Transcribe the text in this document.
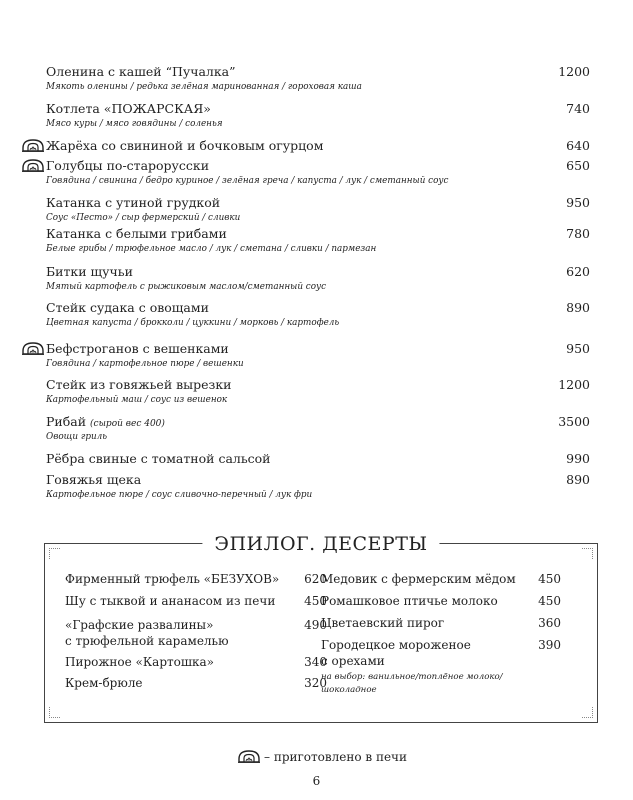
Оленина с кашей “Пучалка”
Мякоть оленины / редька зелёная маринованная / гороховая каша
1200
Котлета «ПОЖАРСКАЯ»
Мясо куры / мясо говядины / соленья
740
Жарёха со свининой и бочковым огурцом	640
Голубцы по-старорусски
Говядина / свинина / бедро куриное / зелёная греча / капуста / лук / сметанный соус
650
Катанка с утиной грудкой
Соус «Песто» / сыр фермерский / сливки
950
Катанка с белыми грибами
Белые грибы / трюфельное масло / лук / сметана / сливки / пармезан
780
Битки щучьи
Мятый картофель с рыжиковым маслом/сметанный соус
620
Стейк судака с овощами
Цветная капуста / брокколи / цуккини / морковь / картофель
890
Бефстроганов с вешенками
Говядина / картофельное пюре / вешенки
950
Стейк из говяжьей вырезки
Картофельный маш / соус из вешенок
1200
Рибай (сырой вес 400)
Овощи гриль
3500
Рёбра свиные с томатной сальсой	990
Говяжья щека
Картофельное пюре / соус сливочно-перечный / лук фри
890
ЭПИЛОГ. ДЕСЕРТЫ
Фирменный трюфель «БЕЗУХОВ» 620
Шу с тыквой и ананасом из печи 450
«Графские развалины»
с трюфельной карамелью
490
Пирожное «Картошка»	340
Крем-брюле	320
Медовик с фермерским мёдом 450
Ромашковое птичье молоко	450
Цветаевский пирог	360
Городецкое мороженое
с орехами
на выбор: ванильное/топлёное молоко/
шоколадное
390
– приготовлено в печи
6
